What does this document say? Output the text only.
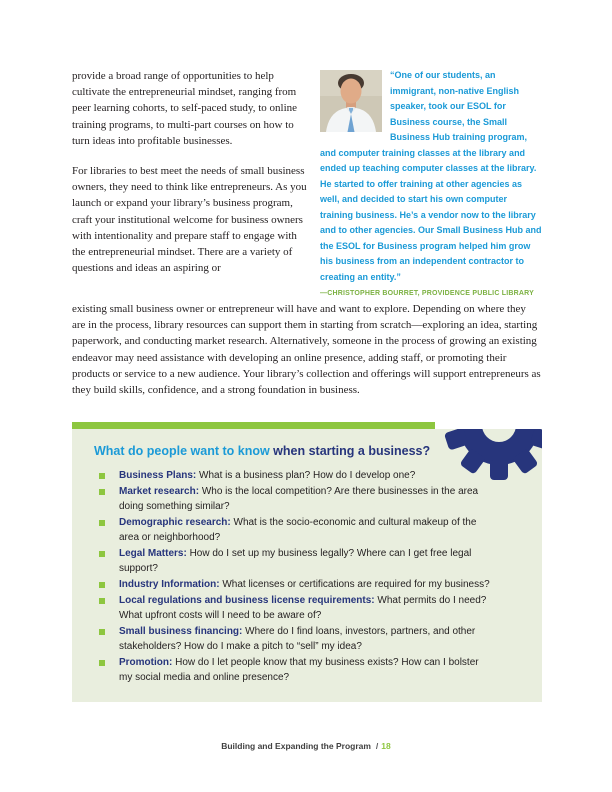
provide a broad range of opportunities to help cultivate the entrepreneurial mindset, ranging from peer learning cohorts, to self-paced study, to online training programs, to multi-part courses on how to turn ideas into profitable businesses.

For libraries to best meet the needs of small business owners, they need to think like entrepreneurs. As you launch or expand your library’s business program, craft your institutional welcome for business owners with intentionality and prepare staff to engage with the entrepreneurial mindset. There are a variety of questions and ideas an aspiring or

“One of our students, an immigrant, non-native English speaker, took our ESOL for Business course, the Small Business Hub training program, and computer training classes at the library and ended up teaching computer classes at the library. He started to offer training at other agencies as well, and decided to start his own computer training business. He’s a vendor now to the library and to other agencies. Our Small Business Hub and the ESOL for Business program helped him grow his business from an independent contractor to creating an entity.”

—CHRISTOPHER BOURRET, PROVIDENCE PUBLIC LIBRARY

existing small business owner or entrepreneur will have and want to explore. Depending on where they are in the process, library resources can support them in starting from scratch—exploring an idea, starting paperwork, and conducting market research. Alternatively, someone in the process of growing an existing endeavor may need assistance with developing an online presence, adding staff, or promoting their products or service to a new audience. Your library’s collection and offerings will support entrepreneurs as they build skills, confidence, and a strong foundation in business.

What do people want to know when starting a business?
Business Plans: What is a business plan? How do I develop one?
Market research: Who is the local competition? Are there businesses in the area doing something similar?
Demographic research: What is the socio-economic and cultural makeup of the area or neighborhood?
Legal Matters: How do I set up my business legally? Where can I get free legal support?
Industry Information: What licenses or certifications are required for my business?
Local regulations and business license requirements: What permits do I need? What upfront costs will I need to be aware of?
Small business financing: Where do I find loans, investors, partners, and other stakeholders? How do I make a pitch to “sell” my idea?
Promotion: How do I let people know that my business exists? How can I bolster my social media and online presence?
Building and Expanding the Program / 18
